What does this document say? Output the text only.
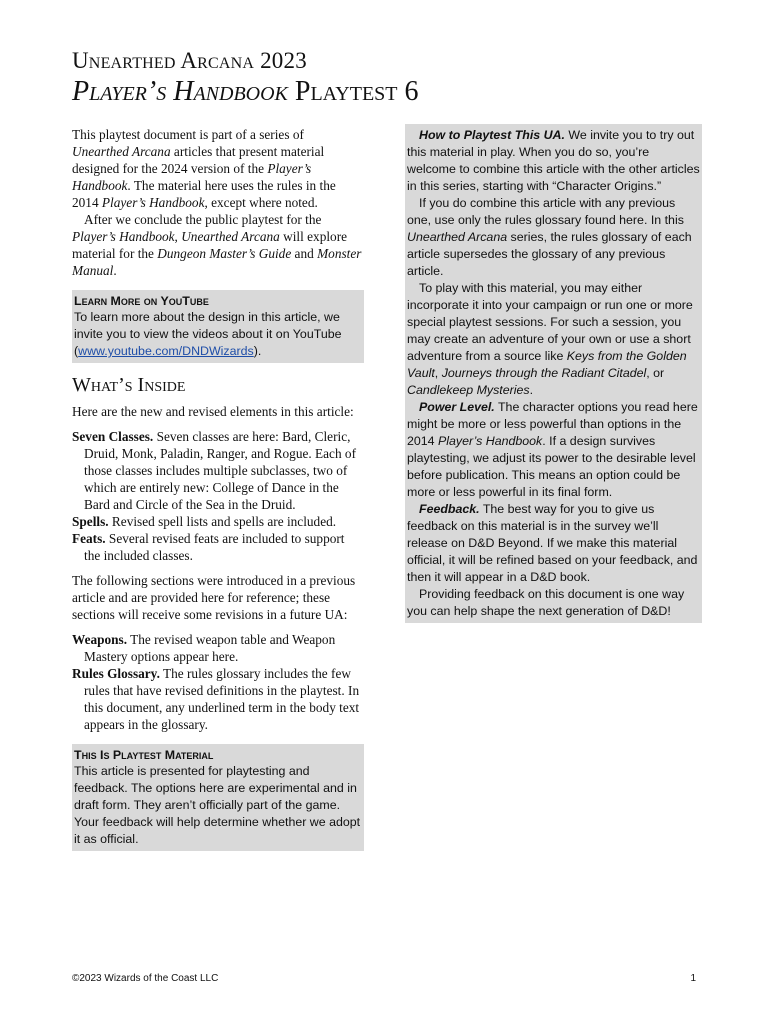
Unearthed Arcana 2023
Player’s Handbook Playtest 6

This playtest document is part of a series of Unearthed Arcana articles that present material designed for the 2024 version of the Player’s Handbook. The material here uses the rules in the 2014 Player’s Handbook, except where noted.

After we conclude the public playtest for the Player’s Handbook, Unearthed Arcana will explore material for the Dungeon Master’s Guide and Monster Manual.

Learn More on YouTube

To learn more about the design in this article, we invite you to view the videos about it on YouTube (www.youtube.com/DNDWizards).

What’s Inside

Here are the new and revised elements in this article:

Seven Classes. Seven classes are here: Bard, Cleric, Druid, Monk, Paladin, Ranger, and Rogue. Each of those classes includes multiple subclasses, two of which are entirely new: College of Dance in the Bard and Circle of the Sea in the Druid.

Spells. Revised spell lists and spells are included.

Feats. Several revised feats are included to support the included classes.

The following sections were introduced in a previous article and are provided here for reference; these sections will receive some revisions in a future UA:

Weapons. The revised weapon table and Weapon Mastery options appear here.

Rules Glossary. The rules glossary includes the few rules that have revised definitions in the playtest. In this document, any underlined term in the body text appears in the glossary.

This Is Playtest Material

This article is presented for playtesting and feedback. The options here are experimental and in draft form. They aren’t officially part of the game. Your feedback will help determine whether we adopt it as official.

How to Playtest This UA. We invite you to try out this material in play. When you do so, you’re welcome to combine this article with the other articles in this series, starting with “Character Origins.”

If you do combine this article with any previous one, use only the rules glossary found here. In this Unearthed Arcana series, the rules glossary of each article supersedes the glossary of any previous article.

To play with this material, you may either incorporate it into your campaign or run one or more special playtest sessions. For such a session, you may create an adventure of your own or use a short adventure from a source like Keys from the Golden Vault, Journeys through the Radiant Citadel, or Candlekeep Mysteries.

Power Level. The character options you read here might be more or less powerful than options in the 2014 Player’s Handbook. If a design survives playtesting, we adjust its power to the desirable level before publication. This means an option could be more or less powerful in its final form.

Feedback. The best way for you to give us feedback on this material is in the survey we’ll release on D&D Beyond. If we make this material official, it will be refined based on your feedback, and then it will appear in a D&D book.

Providing feedback on this document is one way you can help shape the next generation of D&D!

©2023 Wizards of the Coast LLC	1
